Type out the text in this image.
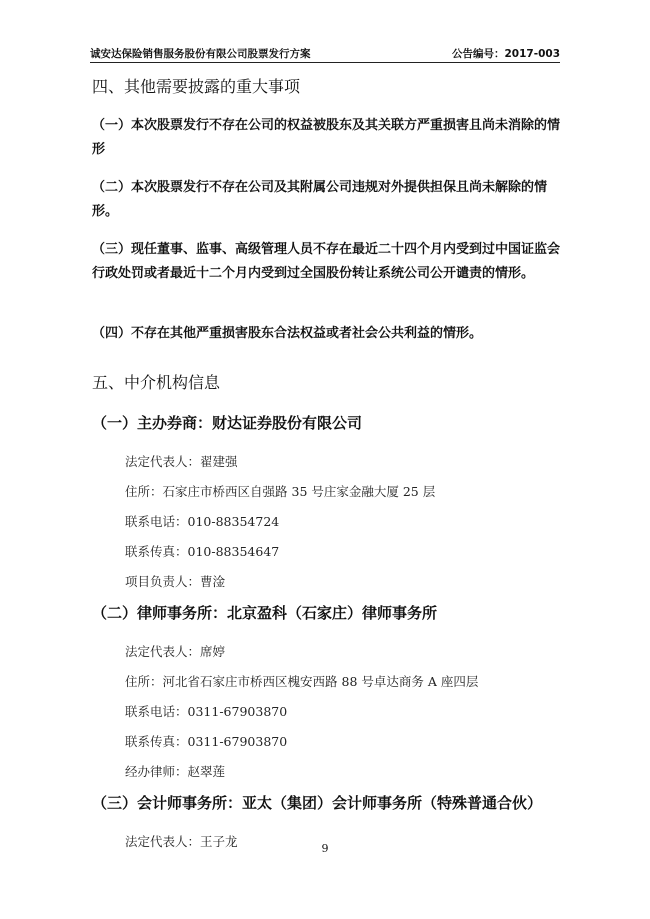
诚安达保险销售服务股份有限公司股票发行方案	公告编号：2017-003
四、其他需要披露的重大事项

（一）本次股票发行不存在公司的权益被股东及其关联方严重损害且尚未消除的情形

（二）本次股票发行不存在公司及其附属公司违规对外提供担保且尚未解除的情形。

（三）现任董事、监事、高级管理人员不存在最近二十四个月内受到过中国证监会行政处罚或者最近十二个月内受到过全国股份转让系统公司公开谴责的情形。

（四）不存在其他严重损害股东合法权益或者社会公共利益的情形。

五、中介机构信息
（一）主办券商：财达证券股份有限公司
法定代表人：翟建强
住所：石家庄市桥西区自强路 35 号庄家金融大厦 25 层
联系电话：010-88354724
联系传真：010-88354647
项目负责人：曹淦
（二）律师事务所：北京盈科（石家庄）律师事务所
法定代表人：席婷
住所：河北省石家庄市桥西区槐安西路 88 号卓达商务 A 座四层
联系电话：0311-67903870
联系传真：0311-67903870
经办律师：赵翠莲
（三）会计师事务所：亚太（集团）会计师事务所（特殊普通合伙）
法定代表人：王子龙	9
